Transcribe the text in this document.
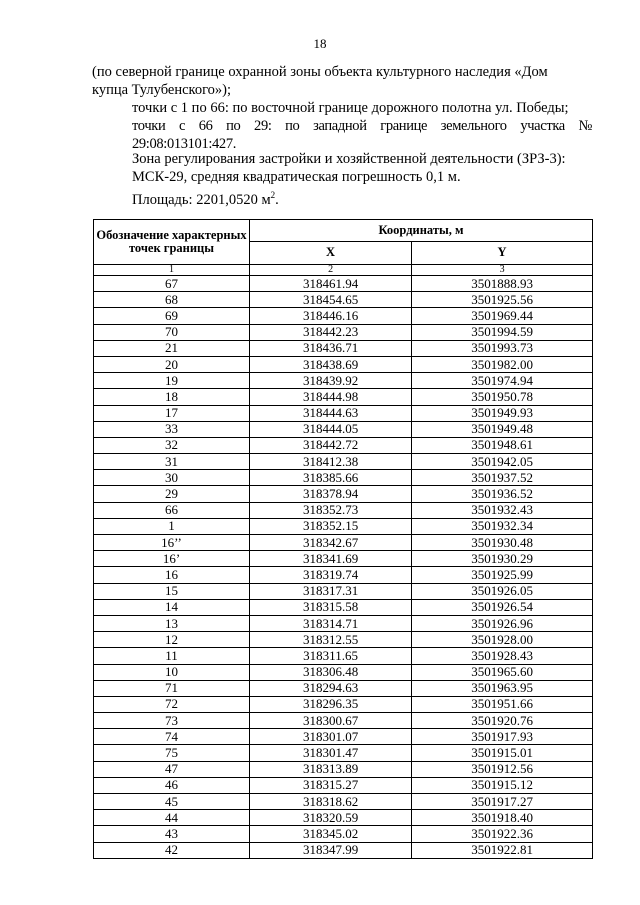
18
(по северной границе охранной зоны объекта культурного наследия «Дом
купца Тулубенского»);
точки с 1 по 66: по восточной границе дорожного полотна ул. Победы;
точки с 66 по 29: по западной границе земельного участка № 29:08:013101:427.
Зона регулирования застройки и хозяйственной деятельности (ЗРЗ-3):
МСК-29, средняя квадратическая погрешность 0,1 м.
Площадь: 2201,0520 $м^2$.
Обозначение характерных точек границы	Координаты, м	
	X	Y
1	2	3
67	318461.94	3501888.93
68	318454.65	3501925.56
69	318446.16	3501969.44
70	318442.23	3501994.59
21	318436.71	3501993.73
20	318438.69	3501982.00
19	318439.92	3501974.94
18	318444.98	3501950.78
17	318444.63	3501949.93
33	318444.05	3501949.48
32	318442.72	3501948.61
31	318412.38	3501942.05
30	318385.66	3501937.52
29	318378.94	3501936.52
66	318352.73	3501932.43
1	318352.15	3501932.34
16’’	318342.67	3501930.48
16’	318341.69	3501930.29
16	318319.74	3501925.99
15	318317.31	3501926.05
14	318315.58	3501926.54
13	318314.71	3501926.96
12	318312.55	3501928.00
11	318311.65	3501928.43
10	318306.48	3501965.60
71	318294.63	3501963.95
72	318296.35	3501951.66
73	318300.67	3501920.76
74	318301.07	3501917.93
75	318301.47	3501915.01
47	318313.89	3501912.56
46	318315.27	3501915.12
45	318318.62	3501917.27
44	318320.59	3501918.40
43	318345.02	3501922.36
42	318347.99	3501922.81
